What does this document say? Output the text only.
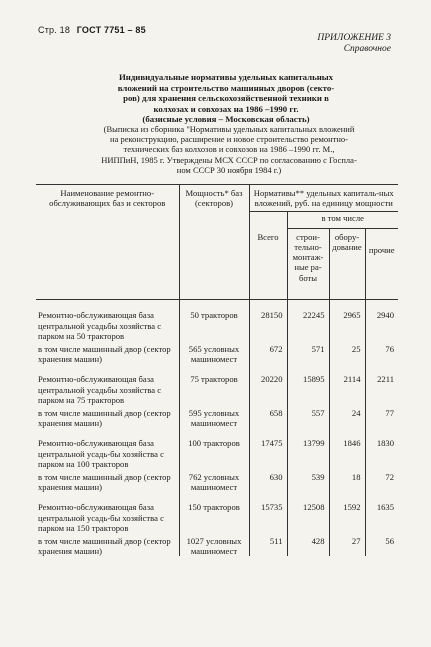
Стр. 18 ГОСТ 7751 – 85
ПРИЛОЖЕНИЕ 3
Справочное
Индивидуальные нормативы удельных капитальных
вложений на строительство машинных дворов (секто-
ров) для хранения сельскохозяйственной техники в
колхозах и совхозах на 1986 –1990 гг.
(базисные условия – Московская область)
(Выписка из сборника "Нормативы удельных капитальных вложений
на реконструкцию, расширение и новое строительство ремонтно-
технических баз колхозов и совхозов на 1986 –1990 гг. М.,
НИППиН, 1985 г. Утверждены МСХ СССР по согласованию с Госпла-
ном СССР 30 ноября 1984 г.)
Наименование ремонтно-обслуживающих баз и секторов	Мощность* баз (секторов)	Нормативы** удельных капиталь-ных вложений, руб. на единицу мощности			
		Всего	в том числе		
			строи-тельно-монтаж-ные ра-боты	обору-дование	прочие

Ремонтно-обслуживающая база центральной усадьбы хозяйства с парком на 50 тракторов	50 тракторов	28150	22245	2965	2940

в том числе машинный двор (сектор хранения машин)	565 условных машиномест	672	571	25	76

Ремонтно-обслуживающая база центральной усадьбы хозяйства с парком на 75 тракторов	75 тракторов	20220	15895	2114	2211

в том числе машинный двор (сектор хранения машин)	595 условных машиномест	658	557	24	77

Ремонтно-обслуживающая база центральной усадь-бы хозяйства с парком на 100 тракторов	100 тракторов	17475	13799	1846	1830

в том числе машинный двор (сектор хранения машин)	762 условных машиномест	630	539	18	72

Ремонтно-обслуживающая база центральной усадь-бы хозяйства с парком на 150 тракторов	150 тракторов	15735	12508	1592	1635

в том числе машинный двор (сектор хранения машин)	1027 условных машиномест	511	428	27	56
